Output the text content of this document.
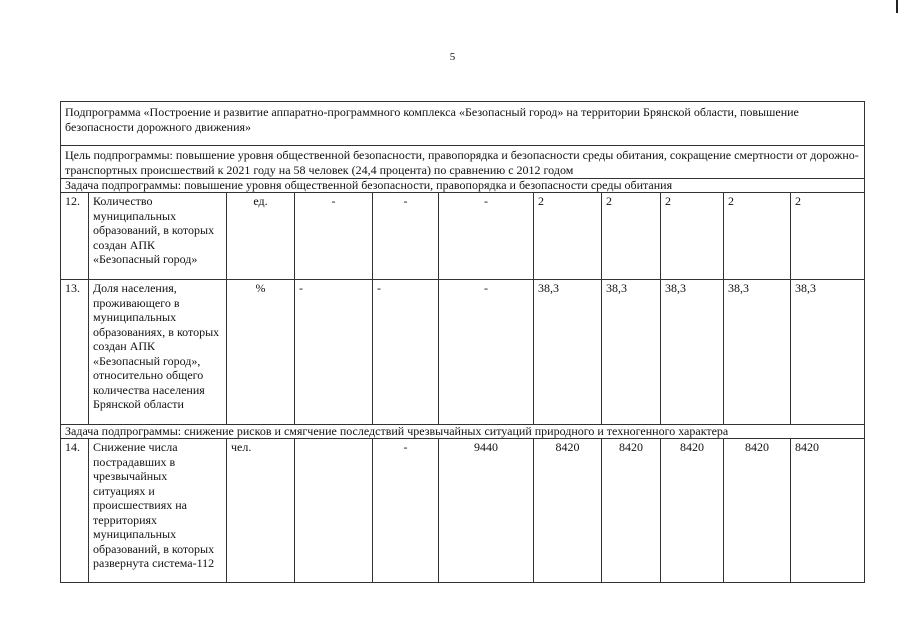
5
Подпрограмма «Построение и развитие аппаратно-программного комплекса «Безопасный город» на территории Брянской области, повышение безопасности дорожного движения»										
Цель подпрограммы: повышение уровня общественной безопасности, правопорядка и безопасности среды обитания, сокращение смертности от дорожно-транспортных происшествий к 2021 году на 58 человек (24,4 процента) по сравнению с 2012 годом										
Задача подпрограммы: повышение уровня общественной безопасности, правопорядка и безопасности среды обитания										
12.	Количество муниципальных образований, в которых создан АПК «Безопасный город»	ед.	-	-	-	2	2	2	2	2
13.	Доля населения, проживающего в муниципальных образованиях, в которых создан АПК «Безопасный город», относительно общего количества населения Брянской области	%	-	-	-	38,3	38,3	38,3	38,3	38,3
Задача подпрограммы: снижение рисков и смягчение последствий чрезвычайных ситуаций природного и техногенного характера										
14.	Снижение числа пострадавших в чрезвычайных ситуациях и происшествиях на территориях муниципальных образований, в которых развернута система-112	чел.		-	9440	8420	8420	8420	8420	8420
